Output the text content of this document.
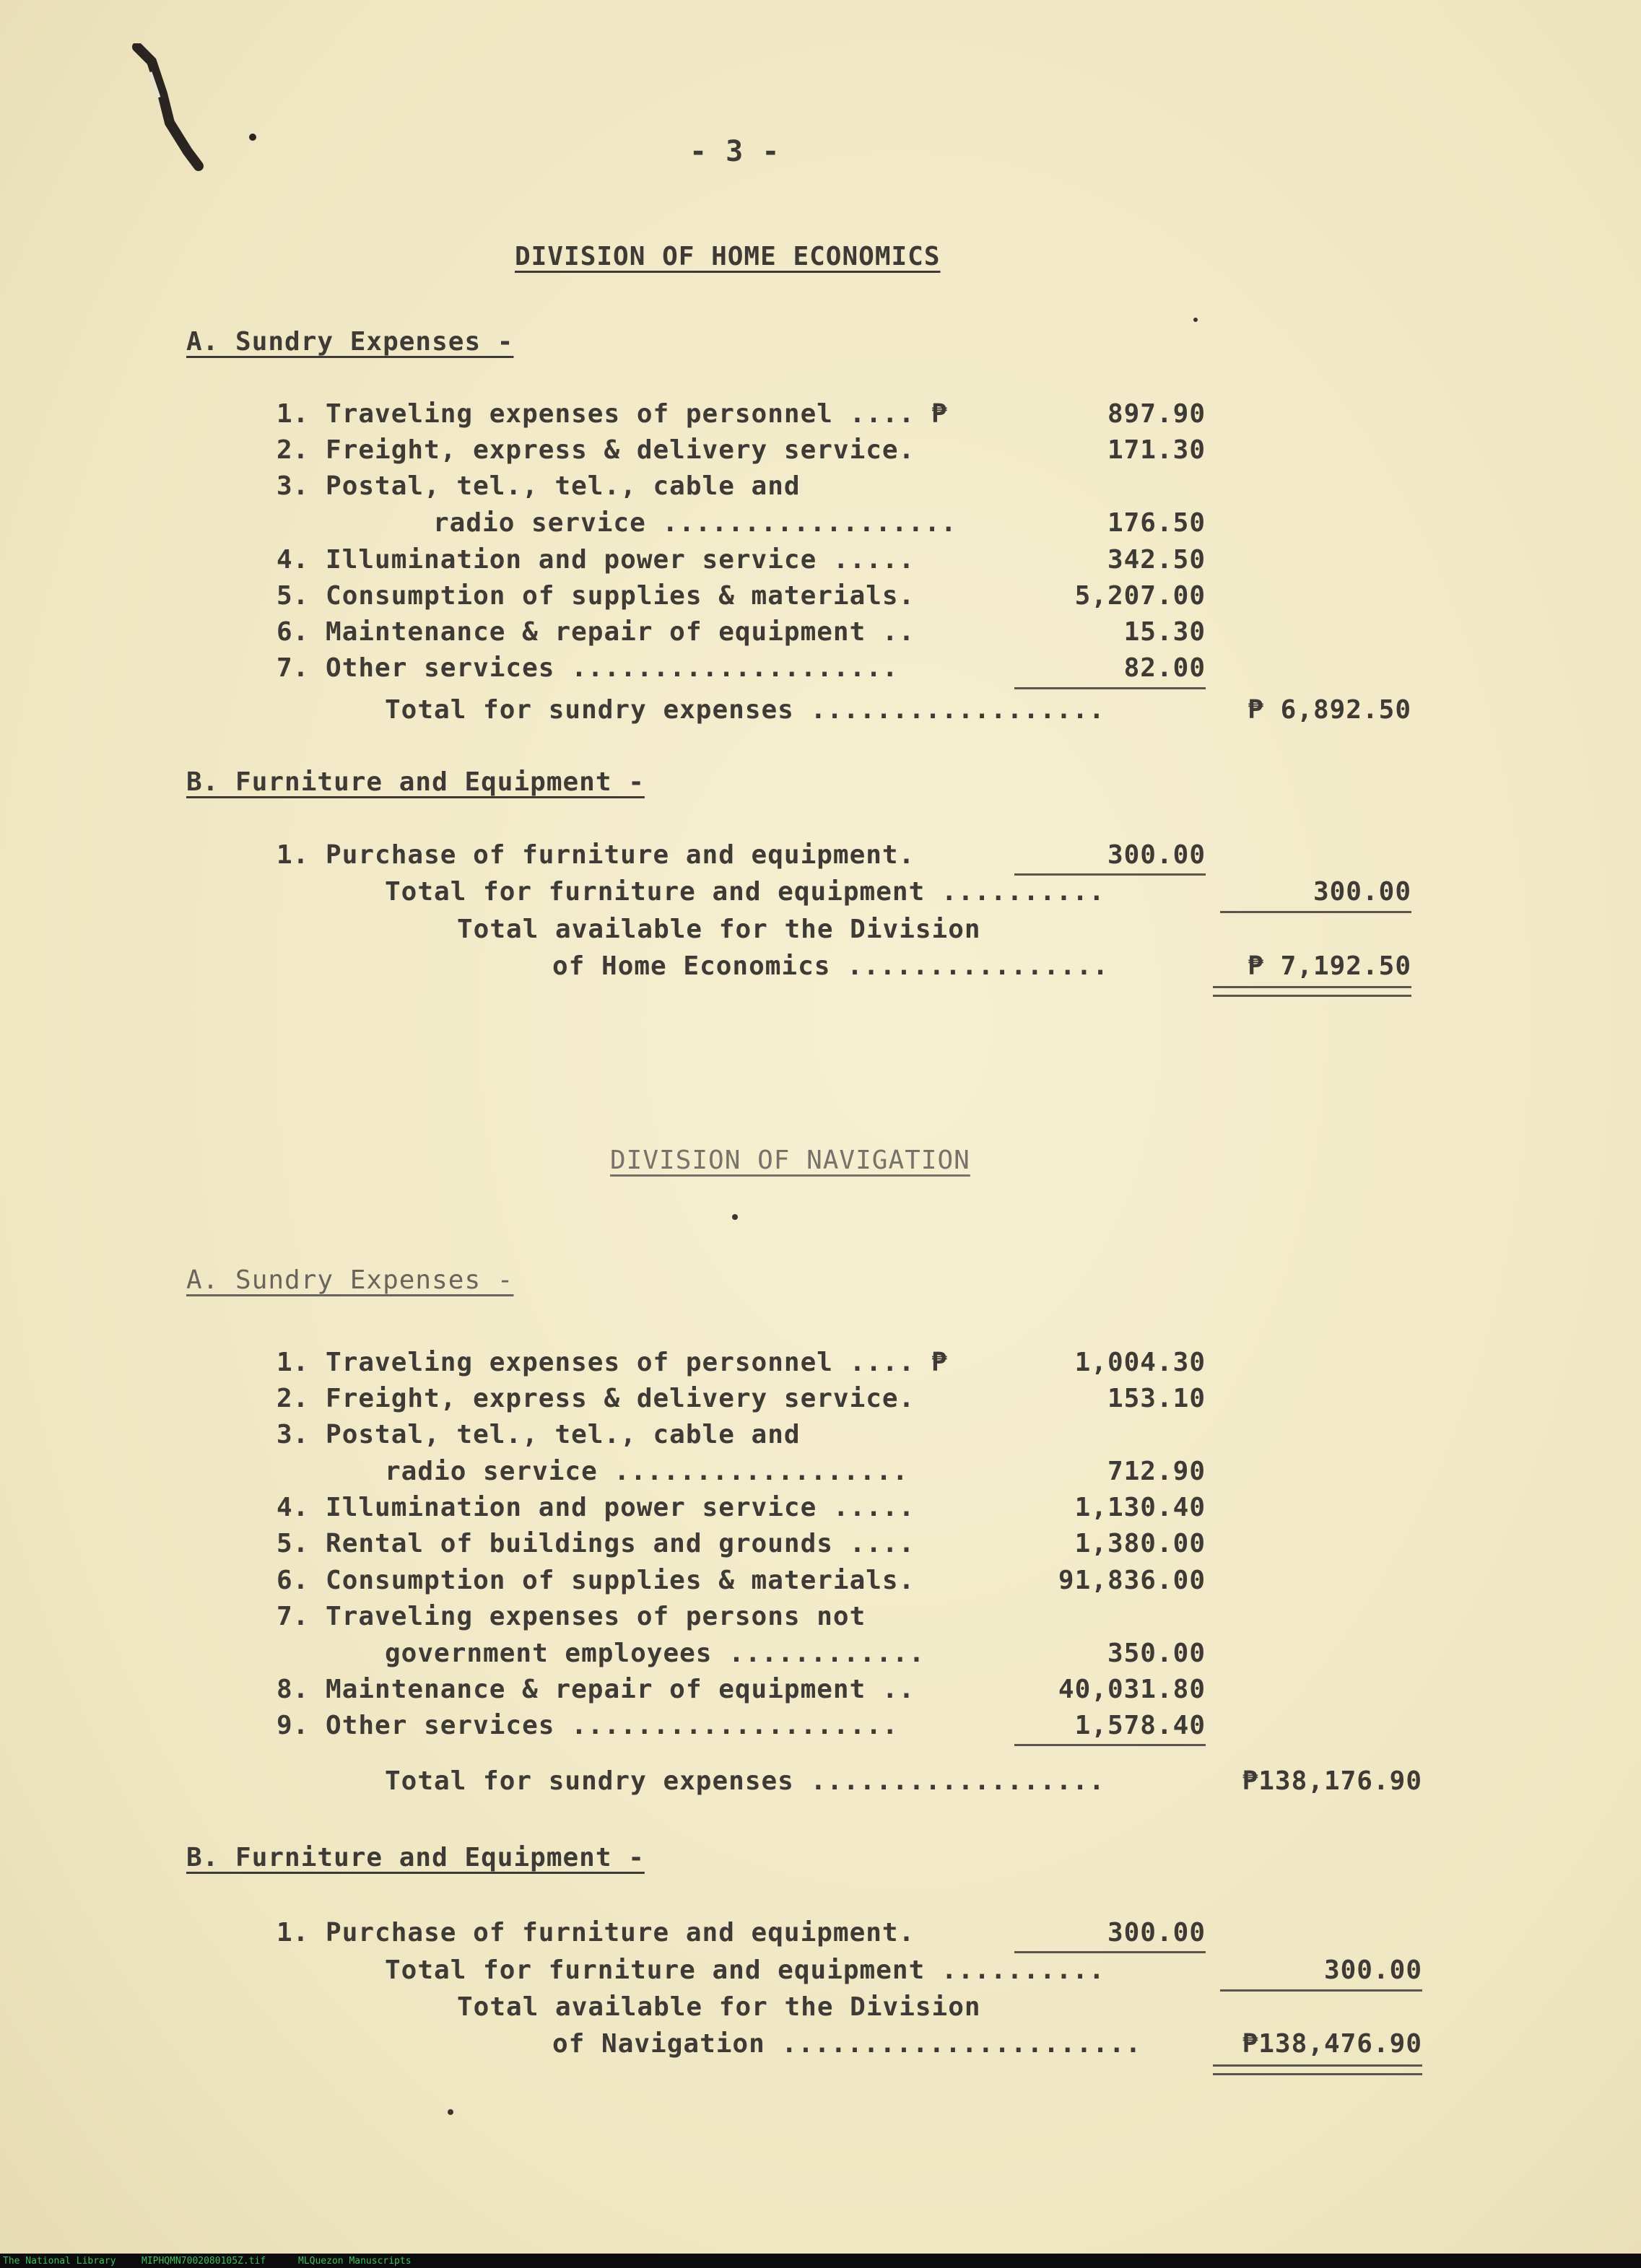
- 3 -
DIVISION OF HOME ECONOMICS
A. Sundry Expenses -
1. Traveling expenses of personnel .... ₱	897.90
2. Freight, express & delivery service.	171.30
3. Postal, tel., tel., cable and
radio service ..................	176.50
4. Illumination and power service .....	342.50
5. Consumption of supplies & materials.	5,207.00
6. Maintenance & repair of equipment ..	15.30
7. Other services ....................	82.00
Total for sundry expenses ..................	₱ 6,892.50
B. Furniture and Equipment -
1. Purchase of furniture and equipment.	300.00
Total for furniture and equipment ..........	300.00
Total available for the Division
of Home Economics ................	₱ 7,192.50
DIVISION OF NAVIGATION
A. Sundry Expenses -
1. Traveling expenses of personnel .... ₱	1,004.30
2. Freight, express & delivery service.	153.10
3. Postal, tel., tel., cable and
radio service ..................	712.90
4. Illumination and power service .....	1,130.40
5. Rental of buildings and grounds ....	1,380.00
6. Consumption of supplies & materials.	91,836.00
7. Traveling expenses of persons not
government employees ............	350.00
8. Maintenance & repair of equipment ..	40,031.80
9. Other services ....................	1,578.40
Total for sundry expenses ..................	₱138,176.90
B. Furniture and Equipment -
1. Purchase of furniture and equipment.	300.00
Total for furniture and equipment ..........	300.00
Total available for the Division
of Navigation ......................	₱138,476.90
The National Library	MIPHQMN7002080105Z.tif	MLQuezon Manuscripts
